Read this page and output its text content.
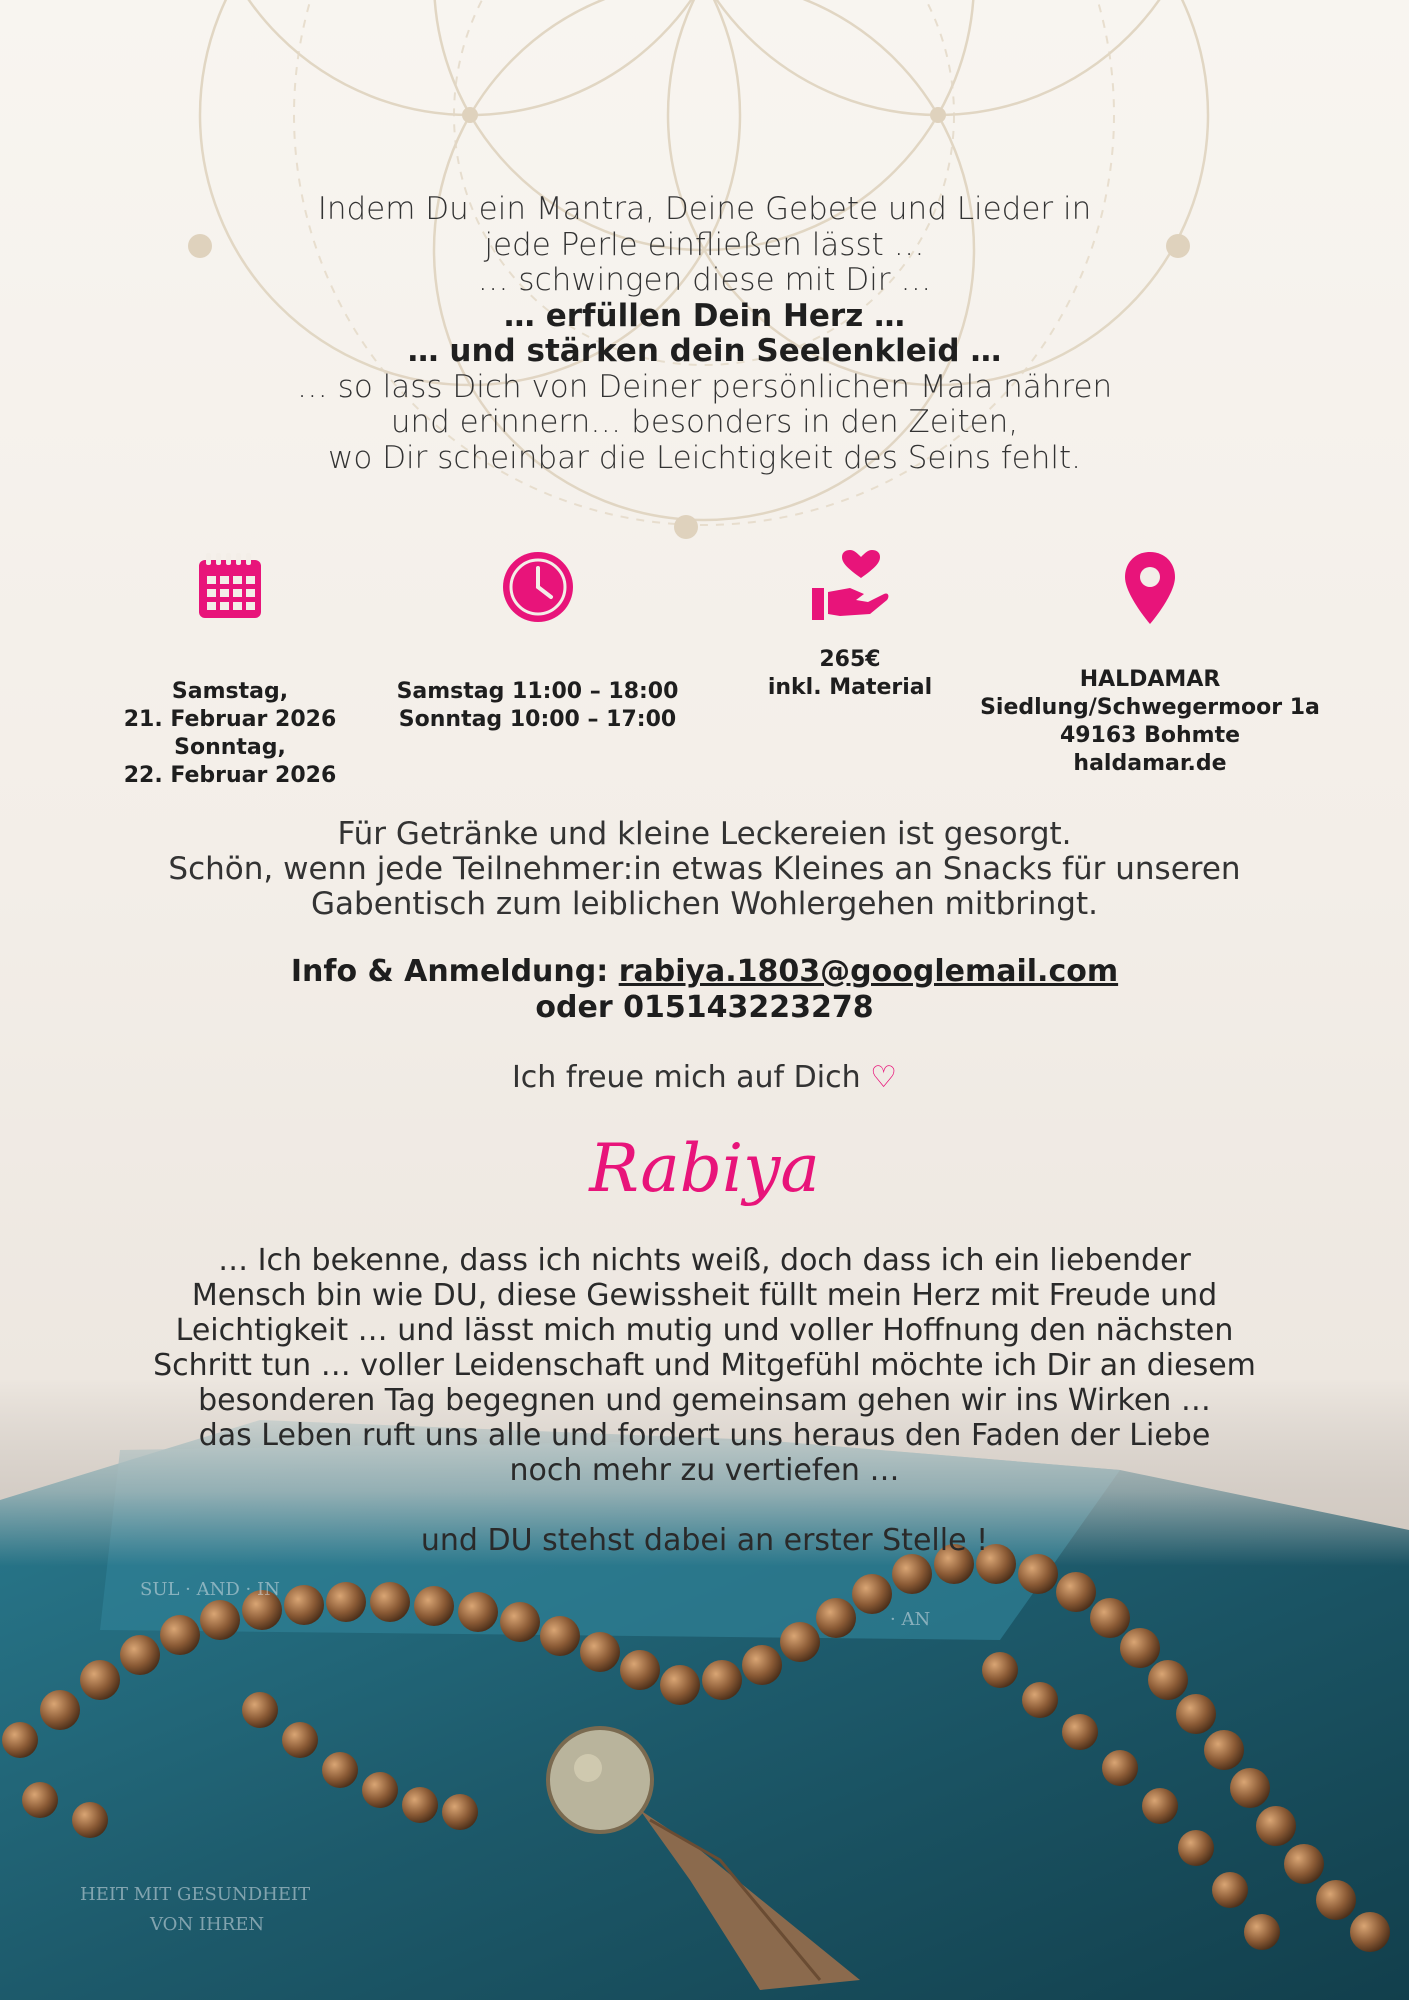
SUL · AND · IN
· AN
HEIT MIT GESUNDHEIT
VON IHREN
Indem Du ein Mantra, Deine Gebete und Lieder in
jede Perle einfließen lässt …
… schwingen diese mit Dir …
… erfüllen Dein Herz …
… und stärken dein Seelenkleid …
… so lass Dich von Deiner persönlichen Mala nähren
und erinnern… besonders in den Zeiten,
wo Dir scheinbar die Leichtigkeit des Seins fehlt.
Samstag,
21. Februar 2026
Sonntag,
22. Februar 2026
Samstag 11:00 – 18:00
Sonntag 10:00 – 17:00
265€
inkl. Material	HALDAMAR
Siedlung/Schwegermoor 1a
49163 Bohmte
haldamar.de
Für Getränke und kleine Leckereien ist gesorgt.
Schön, wenn jede Teilnehmer:in etwas Kleines an Snacks für unseren
Gabentisch zum leiblichen Wohlergehen mitbringt.
Info & Anmeldung: rabiya.1803@googlemail.com
oder 015143223278
Ich freue mich auf Dich ♡
Rabiya
… Ich bekenne, dass ich nichts weiß, doch dass ich ein liebender
Mensch bin wie DU, diese Gewissheit füllt mein Herz mit Freude und
Leichtigkeit … und lässt mich mutig und voller Hoffnung den nächsten
Schritt tun … voller Leidenschaft und Mitgefühl möchte ich Dir an diesem
besonderen Tag begegnen und gemeinsam gehen wir ins Wirken …
das Leben ruft uns alle und fordert uns heraus den Faden der Liebe
noch mehr zu vertiefen …
und DU stehst dabei an erster Stelle !
